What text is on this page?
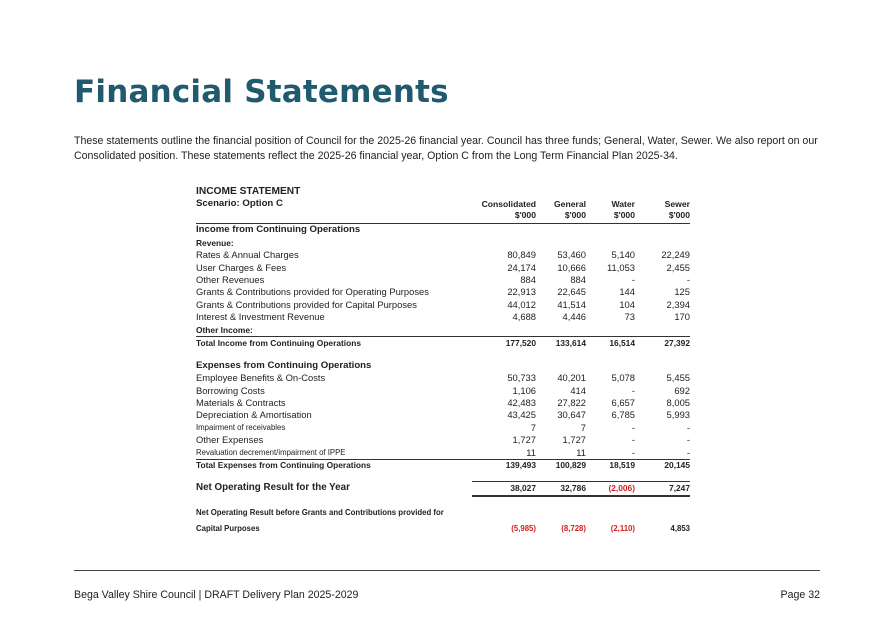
Financial Statements
These statements outline the financial position of Council for the 2025-26 financial year. Council has three funds; General, Water, Sewer. We also report on our Consolidated position. These statements reflect the 2025-26 financial year, Option C from the Long Term Financial Plan 2025-34.
INCOME STATEMENT
Scenario: Option C	Consolidated General	Water	Sewer
$'000	$'000	$'000	$'000
Income from Continuing Operations
Revenue:
Rates & Annual Charges	80,849 53,460	5,140	22,249
User Charges & Fees	24,174 10,666 11,053	2,455
Other Revenues	884	884	-	-
Grants & Contributions provided for Operating Purposes	22,913 22,645	144	125
Grants & Contributions provided for Capital Purposes	44,012 41,514	104	2,394
Interest & Investment Revenue	4,688	4,446	73	170
Other Income:
Total Income from Continuing Operations	177,520 133,614	16,514	27,392
Expenses from Continuing Operations
Employee Benefits & On-Costs	50,733 40,201	5,078	5,455
Borrowing Costs	1,106	414	-	692
Materials & Contracts	42,483 27,822	6,657	8,005
Depreciation & Amortisation	43,425 30,647	6,785	5,993
Impairment of receivables	7	7	-	-
Other Expenses	1,727	1,727	-	-
Revaluation decrement/impairment of IPPE	11	11	-	-
Total Expenses from Continuing Operations	139,493 100,829	18,519	20,145
Net Operating Result for the Year	38,027	32,786	(2,006)	7,247
Net Operating Result before Grants and Contributions provided for
Capital Purposes	(5,985)	(8,728)	(2,110)	4,853
Bega Valley Shire Council | DRAFT Delivery Plan 2025-2029	Page 32
